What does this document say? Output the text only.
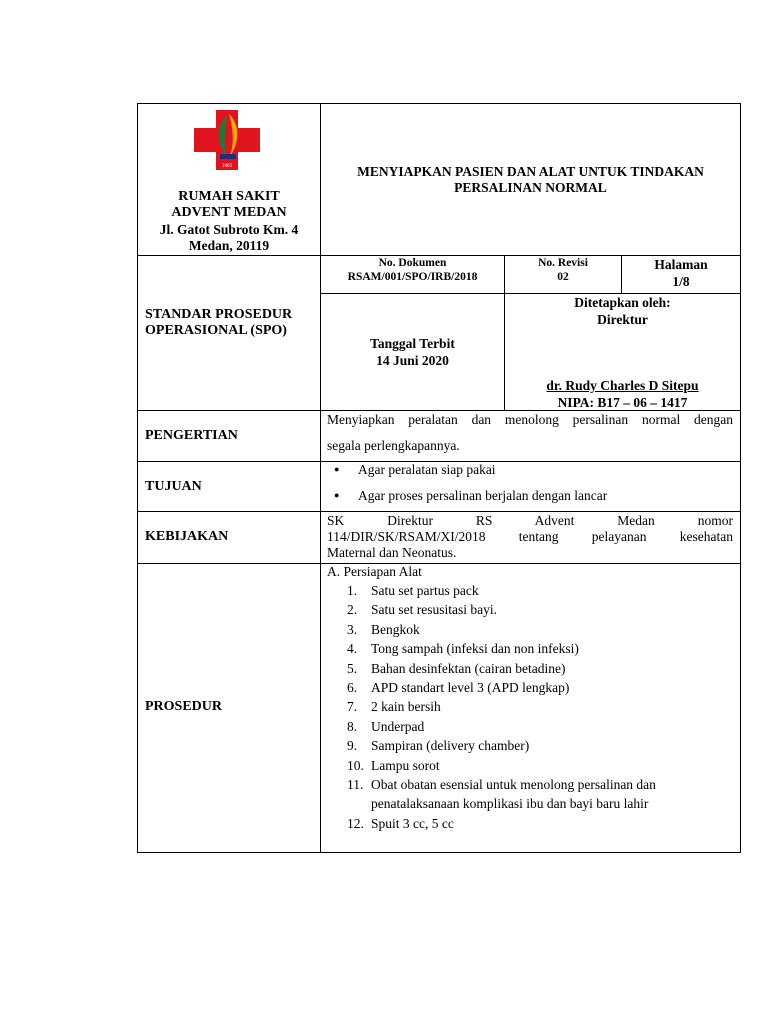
1965
RUMAH SAKIT
ADVENT MEDAN
Jl. Gatot Subroto Km. 4
Medan, 20119
MENYIAPKAN PASIEN DAN ALAT UNTUK TINDAKAN
PERSALINAN NORMAL
STANDAR PROSEDUR
OPERASIONAL (SPO)
No. Dokumen
RSAM/001/SPO/IRB/2018
No. Revisi
02
Halaman
1/8
Tanggal Terbit
14 Juni 2020
Ditetapkan oleh:
Direktur
dr. Rudy Charles D Sitepu
NIPA: B17 – 06 – 1417
PENGERTIAN
Menyiapkan peralatan dan menolong persalinan normal dengan
segala perlengkapannya.
TUJUAN
● Agar peralatan siap pakai
● Agar proses persalinan berjalan dengan lancar
KEBIJAKAN
SK Direktur RS Advent Medan nomor
114/DIR/SK/RSAM/XI/2018 tentang pelayanan kesehatan
Maternal dan Neonatus.
PROSEDUR
A. Persiapan Alat
1. Satu set partus pack
2. Satu set resusitasi bayi.
3. Bengkok
4. Tong sampah (infeksi dan non infeksi)
5. Bahan desinfektan (cairan betadine)
6. APD standart level 3 (APD lengkap)
7. 2 kain bersih
8. Underpad
9. Sampiran (delivery chamber)
10. Lampu sorot
11. Obat obatan esensial untuk menolong persalinan dan penatalaksanaan komplikasi ibu dan bayi baru lahir
12. Spuit 3 cc, 5 cc
